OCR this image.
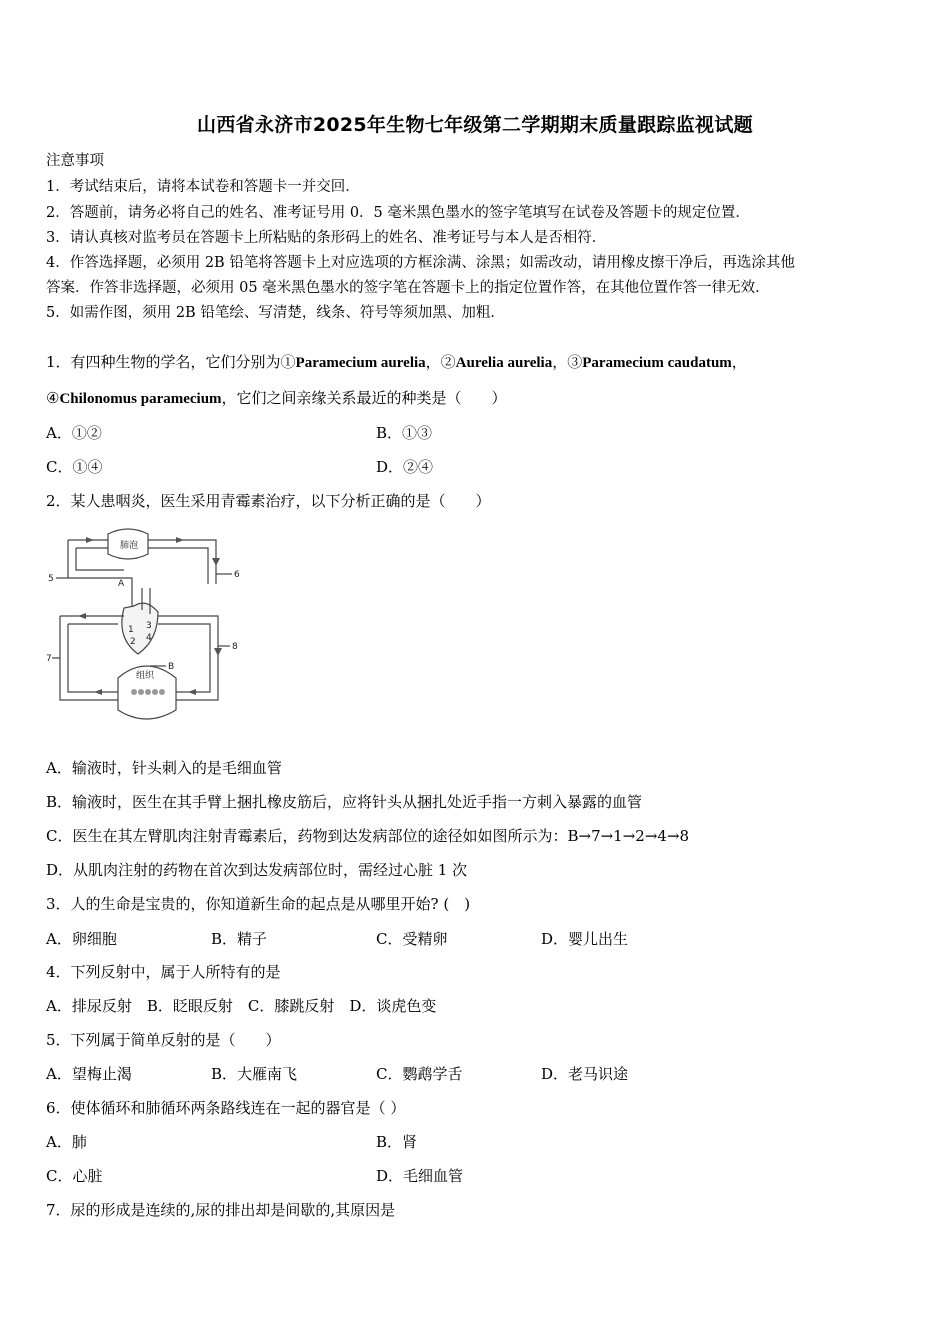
山西省永济市2025年生物七年级第二学期期末质量跟踪监视试题
注意事项
1．考试结束后，请将本试卷和答题卡一并交回．
2．答题前，请务必将自己的姓名、准考证号用 0．5 毫米黑色墨水的签字笔填写在试卷及答题卡的规定位置．
3．请认真核对监考员在答题卡上所粘贴的条形码上的姓名、准考证号与本人是否相符．
4．作答选择题，必须用 2B 铅笔将答题卡上对应选项的方框涂满、涂黑；如需改动，请用橡皮擦干净后，再选涂其他
答案．作答非选择题，必须用 05 毫米黑色墨水的签字笔在答题卡上的指定位置作答，在其他位置作答一律无效．
5．如需作图，须用 2B 铅笔绘、写清楚，线条、符号等须加黑、加粗．
1．有四种生物的学名，它们分别为①Paramecium aurelia，②Aurelia aurelia，③Paramecium caudatum，
④Chilonomus paramecium，它们之间亲缘关系最近的种类是（　　）
A．①②	B．①③
C．①④	D．②④
2．某人患咽炎，医生采用青霉素治疗，以下分析正确的是（　　）
肺泡
组织
1
2
3
4
5	6
7
8
A
B
A．输液时，针头刺入的是毛细血管
B．输液时，医生在其手臂上捆扎橡皮筋后，应将针头从捆扎处近手指一方刺入暴露的血管
C．医生在其左臂肌肉注射青霉素后，药物到达发病部位的途径如如图所示为：B→7→1→2→4→8
D．从肌肉注射的药物在首次到达发病部位时，需经过心脏 1 次
3．人的生命是宝贵的，你知道新生命的起点是从哪里开始? (　)
A．卵细胞	B．精子	C．受精卵	D．婴儿出生
4．下列反射中，属于人所特有的是
A．排尿反射　B．眨眼反射　C．膝跳反射　D．谈虎色变
5．下列属于简单反射的是（　　）
A．望梅止渴	B．大雁南飞	C．鹦鹉学舌	D．老马识途
6．使体循环和肺循环两条路线连在一起的器官是（ ）
A．肺	B．肾
C．心脏	D．毛细血管
7．尿的形成是连续的,尿的排出却是间歇的,其原因是
